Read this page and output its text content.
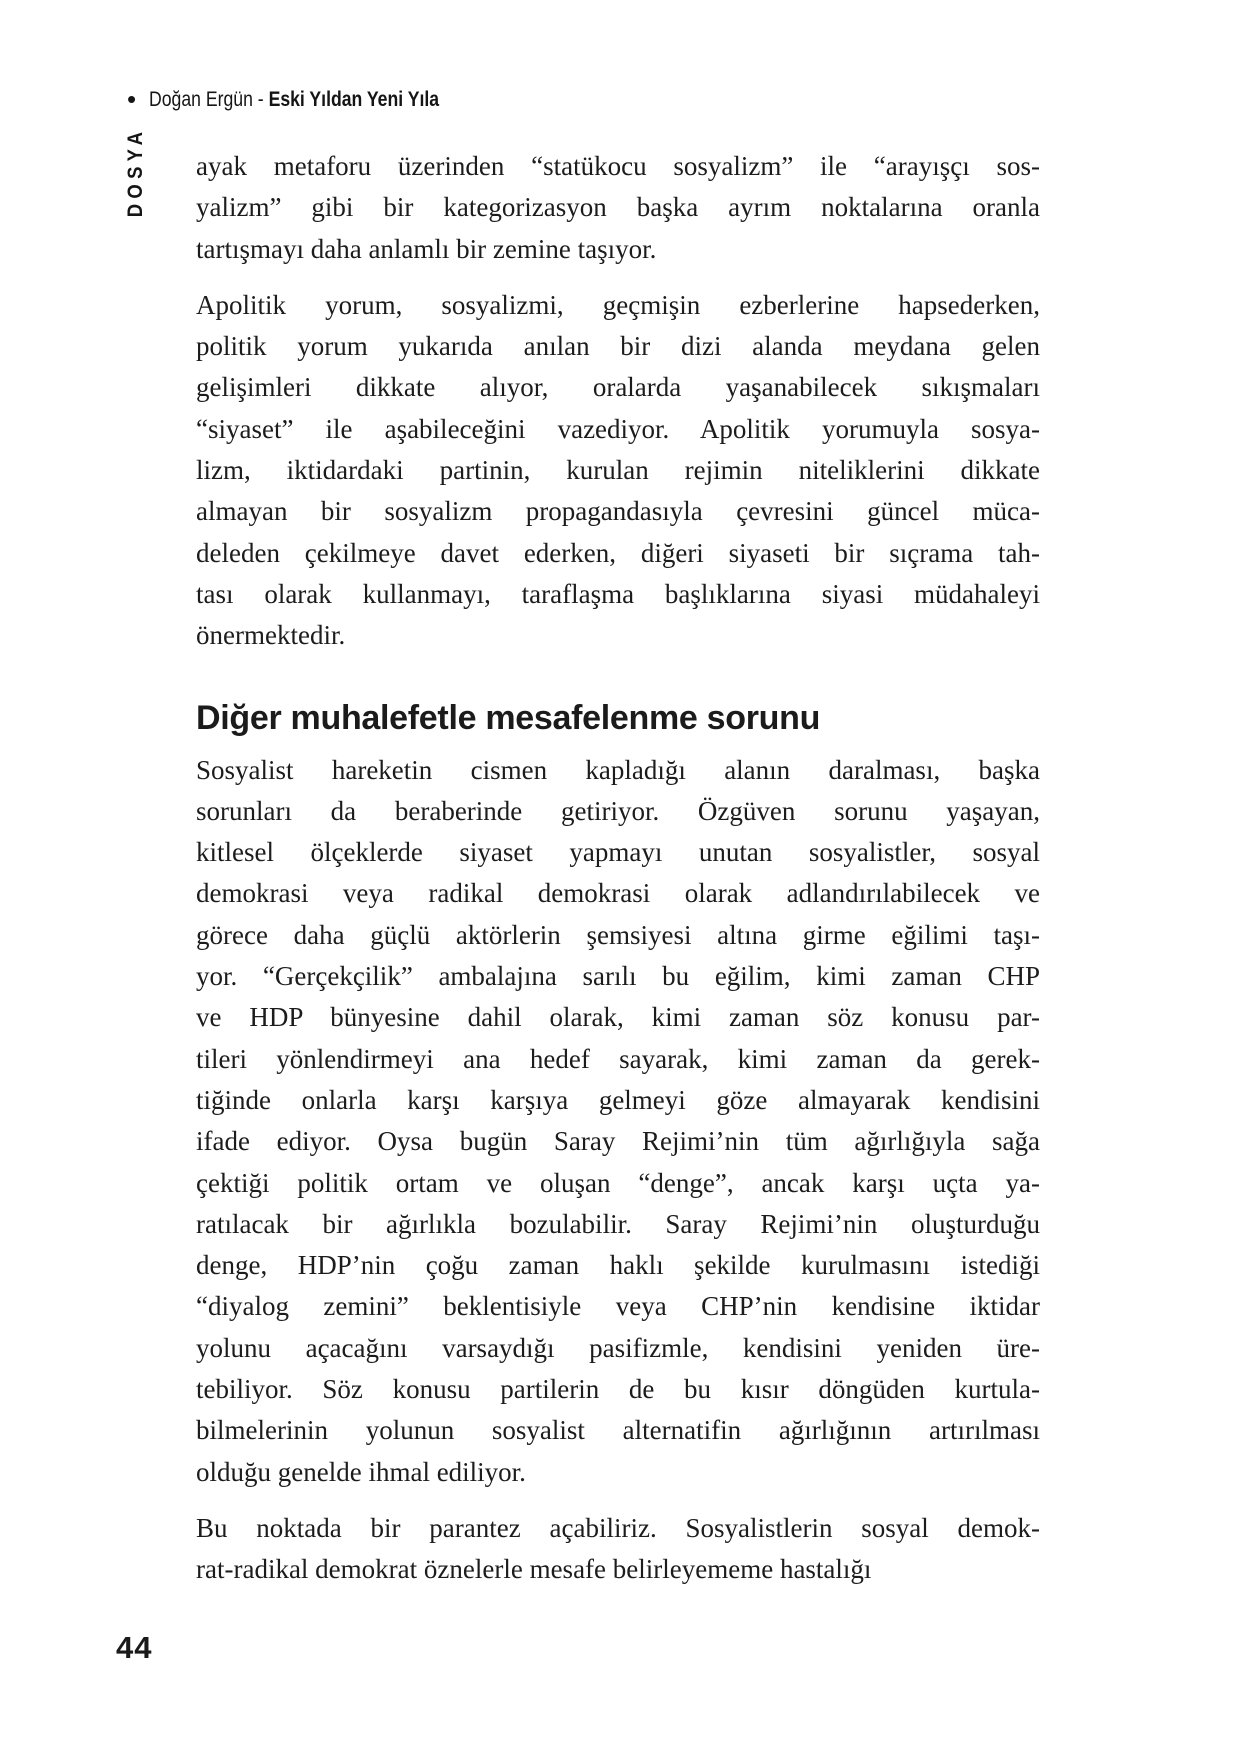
• Doğan Ergün - Eski Yıldan Yeni Yıla
DOSYA ayak metaforu üzerinden “statükocu sosyalizm” ile “arayışçı sos-
yalizm” gibi bir kategorizasyon başka ayrım noktalarına oranla
tartışmayı daha anlamlı bir zemine taşıyor.

Apolitik yorum, sosyalizmi, geçmişin ezberlerine hapsederken,
politik yorum yukarıda anılan bir dizi alanda meydana gelen
gelişimleri dikkate alıyor, oralarda yaşanabilecek sıkışmaları
“siyaset” ile aşabileceğini vazediyor. Apolitik yorumuyla sosya-
lizm, iktidardaki partinin, kurulan rejimin niteliklerini dikkate
almayan bir sosyalizm propagandasıyla çevresini güncel müca-
deleden çekilmeye davet ederken, diğeri siyaseti bir sıçrama tah-
tası olarak kullanmayı, taraflaşma başlıklarına siyasi müdahaleyi
önermektedir.

Diğer muhalefetle mesafelenme sorunu

Sosyalist hareketin cismen kapladığı alanın daralması, başka
sorunları da beraberinde getiriyor. Özgüven sorunu yaşayan,
kitlesel ölçeklerde siyaset yapmayı unutan sosyalistler, sosyal
demokrasi veya radikal demokrasi olarak adlandırılabilecek ve
görece daha güçlü aktörlerin şemsiyesi altına girme eğilimi taşı-
yor. “Gerçekçilik” ambalajına sarılı bu eğilim, kimi zaman CHP
ve HDP bünyesine dahil olarak, kimi zaman söz konusu par-
tileri yönlendirmeyi ana hedef sayarak, kimi zaman da gerek-
tiğinde onlarla karşı karşıya gelmeyi göze almayarak kendisini
ifade ediyor. Oysa bugün Saray Rejimi’nin tüm ağırlığıyla sağa
çektiği politik ortam ve oluşan “denge”, ancak karşı uçta ya-
ratılacak bir ağırlıkla bozulabilir. Saray Rejimi’nin oluşturduğu
denge, HDP’nin çoğu zaman haklı şekilde kurulmasını istediği
“diyalog zemini” beklentisiyle veya CHP’nin kendisine iktidar
yolunu açacağını varsaydığı pasifizmle, kendisini yeniden üre-
tebiliyor. Söz konusu partilerin de bu kısır döngüden kurtula-
bilmelerinin yolunun sosyalist alternatifin ağırlığının artırılması
olduğu genelde ihmal ediliyor.

Bu noktada bir parantez açabiliriz. Sosyalistlerin sosyal demok-
rat-radikal demokrat öznelerle mesafe belirleyememe hastalığı

44
